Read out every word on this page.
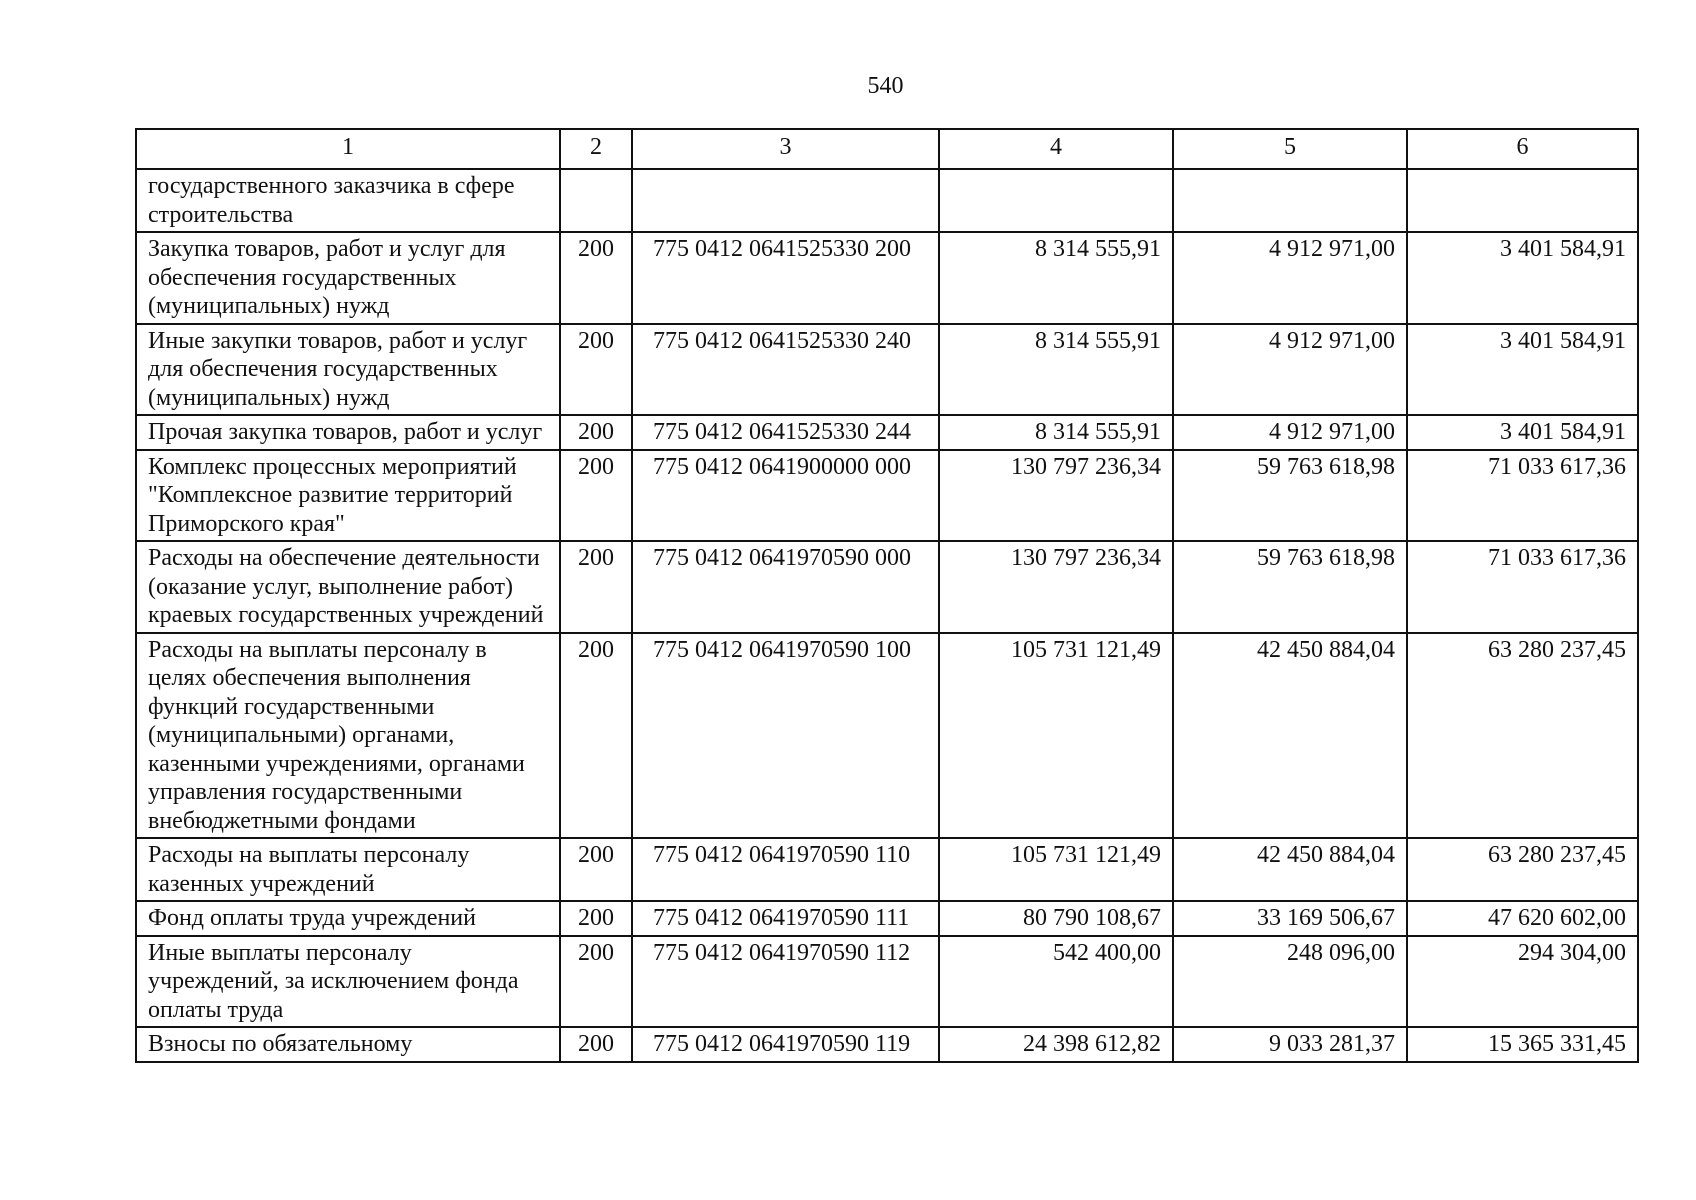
540
1	2	3	4	5	6
государственного заказчика в сфере строительства					
Закупка товаров, работ и услуг для обеспечения государственных (муниципальных) нужд	200	775 0412 0641525330 200	8 314 555,91	4 912 971,00	3 401 584,91
Иные закупки товаров, работ и услуг для обеспечения государственных (муниципальных) нужд	200	775 0412 0641525330 240	8 314 555,91	4 912 971,00	3 401 584,91
Прочая закупка товаров, работ и услуг	200	775 0412 0641525330 244	8 314 555,91	4 912 971,00	3 401 584,91
Комплекс процессных мероприятий "Комплексное развитие территорий Приморского края"	200	775 0412 0641900000 000	130 797 236,34	59 763 618,98	71 033 617,36
Расходы на обеспечение деятельности (оказание услуг, выполнение работ) краевых государственных учреждений	200	775 0412 0641970590 000	130 797 236,34	59 763 618,98	71 033 617,36
Расходы на выплаты персоналу в целях обеспечения выполнения функций государственными (муниципальными) органами, казенными учреждениями, органами управления государственными внебюджетными фондами	200	775 0412 0641970590 100	105 731 121,49	42 450 884,04	63 280 237,45
Расходы на выплаты персоналу казенных учреждений	200	775 0412 0641970590 110	105 731 121,49	42 450 884,04	63 280 237,45
Фонд оплаты труда учреждений	200	775 0412 0641970590 111	80 790 108,67	33 169 506,67	47 620 602,00
Иные выплаты персоналу учреждений, за исключением фонда оплаты труда	200	775 0412 0641970590 112	542 400,00	248 096,00	294 304,00
Взносы по обязательному	200	775 0412 0641970590 119	24 398 612,82	9 033 281,37	15 365 331,45
